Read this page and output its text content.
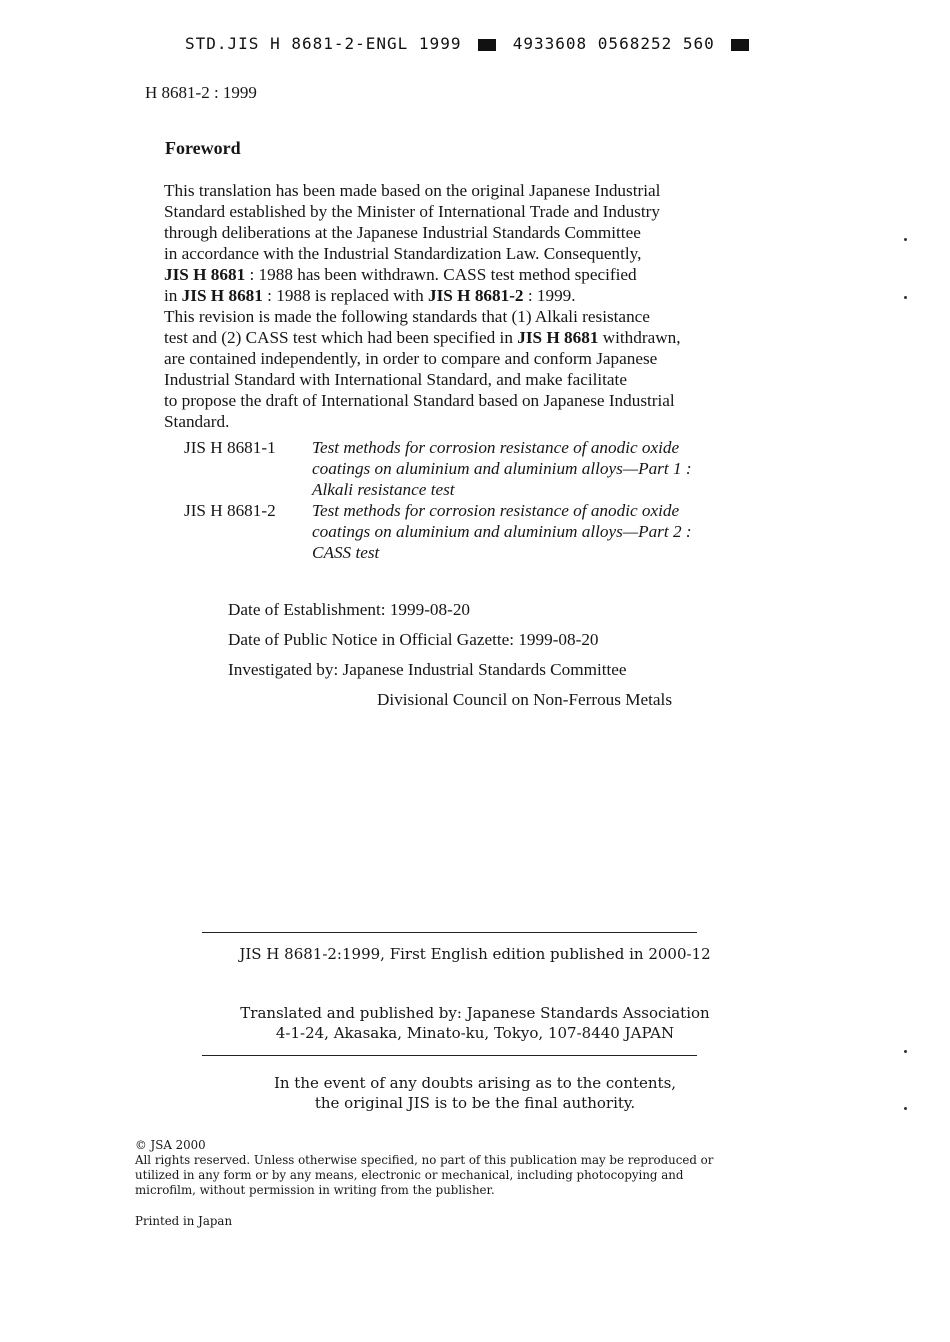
STD.JIS H 8681-2-ENGL 1999	4933608 0568252 560
H 8681-2 : 1999
Foreword

This translation has been made based on the original Japanese Industrial

Standard established by the Minister of International Trade and Industry

through deliberations at the Japanese Industrial Standards Committee

in accordance with the Industrial Standardization Law. Consequently,

JIS H 8681 : 1988 has been withdrawn. CASS test method specified

in JIS H 8681 : 1988 is replaced with JIS H 8681-2 : 1999.

This revision is made the following standards that (1) Alkali resistance

test and (2) CASS test which had been specified in JIS H 8681 withdrawn,

are contained independently, in order to compare and conform Japanese

Industrial Standard with International Standard, and make facilitate

to propose the draft of International Standard based on Japanese Industrial

Standard.

JIS H 8681-1	Test methods for corrosion resistance of anodic oxide
coatings on aluminium and aluminium alloys—Part 1 :
Alkali resistance test
JIS H 8681-2	Test methods for corrosion resistance of anodic oxide
coatings on aluminium and aluminium alloys—Part 2 :
CASS test
Date of Establishment: 1999-08-20
Date of Public Notice in Official Gazette: 1999-08-20
Investigated by: Japanese Industrial Standards Committee
Divisional Council on Non-Ferrous Metals
JIS H 8681-2:1999, First English edition published in 2000-12
Translated and published by: Japanese Standards Association
4-1-24, Akasaka, Minato-ku, Tokyo, 107-8440 JAPAN
In the event of any doubts arising as to the contents,
the original JIS is to be the final authority.
© JSA 2000
All rights reserved. Unless otherwise specified, no part of this publication may be reproduced or
utilized in any form or by any means, electronic or mechanical, including photocopying and
microfilm, without permission in writing from the publisher.
Printed in Japan
